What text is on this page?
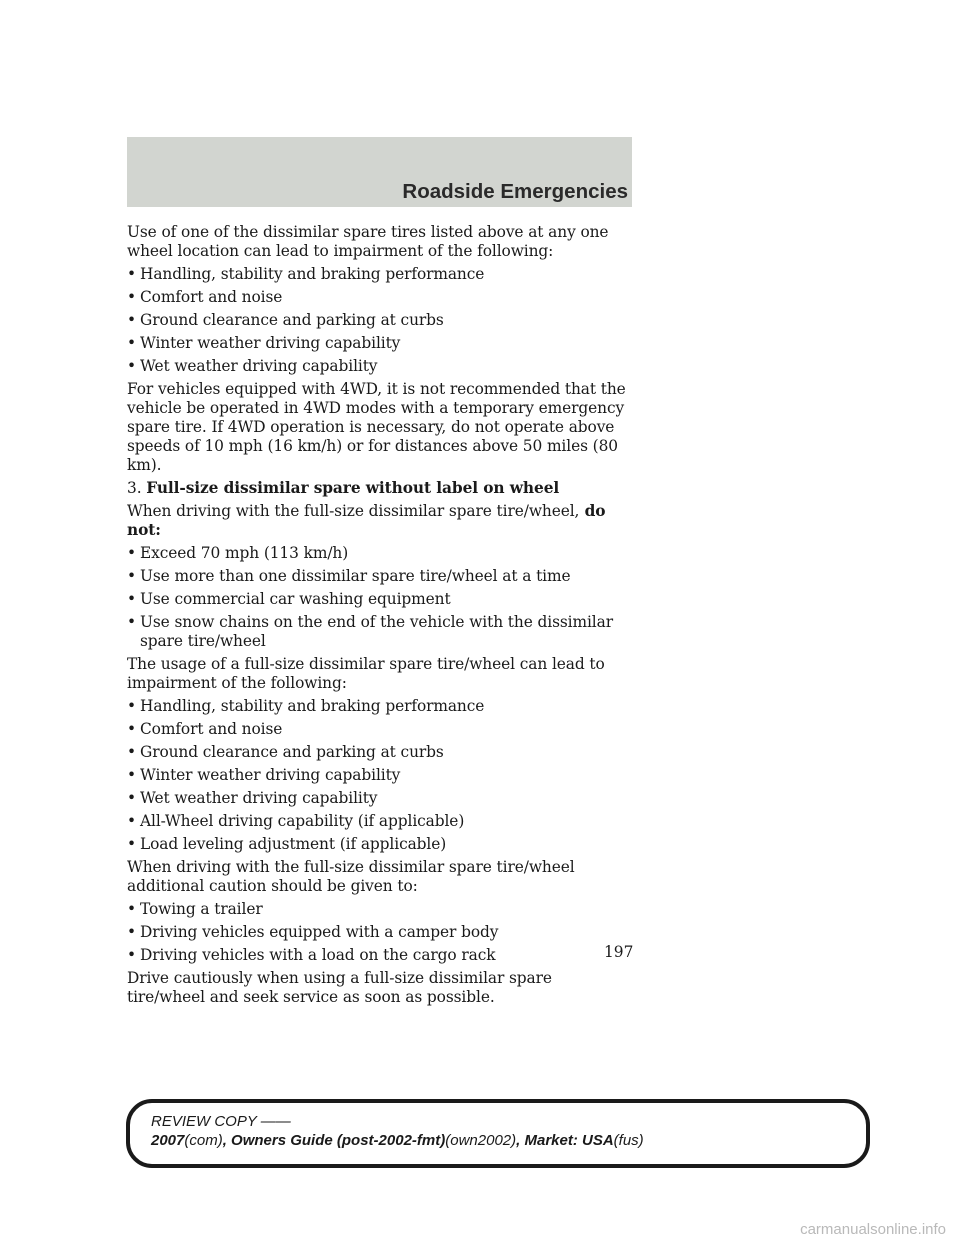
Roadside Emergencies
Use of one of the dissimilar spare tires listed above at any one wheel location can lead to impairment of the following:
• Handling, stability and braking performance
• Comfort and noise
• Ground clearance and parking at curbs
• Winter weather driving capability
• Wet weather driving capability
For vehicles equipped with 4WD, it is not recommended that the vehicle be operated in 4WD modes with a temporary emergency spare tire. If 4WD operation is necessary, do not operate above speeds of 10 mph (16 km/h) or for distances above 50 miles (80 km).
3. Full-size dissimilar spare without label on wheel
When driving with the full-size dissimilar spare tire/wheel, do not:
• Exceed 70 mph (113 km/h)
• Use more than one dissimilar spare tire/wheel at a time
• Use commercial car washing equipment
• Use snow chains on the end of the vehicle with the dissimilar spare tire/wheel
The usage of a full-size dissimilar spare tire/wheel can lead to impairment of the following:
• Handling, stability and braking performance
• Comfort and noise
• Ground clearance and parking at curbs
• Winter weather driving capability
• Wet weather driving capability
• All-Wheel driving capability (if applicable)
• Load leveling adjustment (if applicable)
When driving with the full-size dissimilar spare tire/wheel additional caution should be given to:
• Towing a trailer
• Driving vehicles equipped with a camper body
• Driving vehicles with a load on the cargo rack
Drive cautiously when using a full-size dissimilar spare tire/wheel and seek service as soon as possible.
197
REVIEW COPY ——
2007(com), Owners Guide (post-2002-fmt)(own2002), Market: USA(fus)
carmanualsonline.info
